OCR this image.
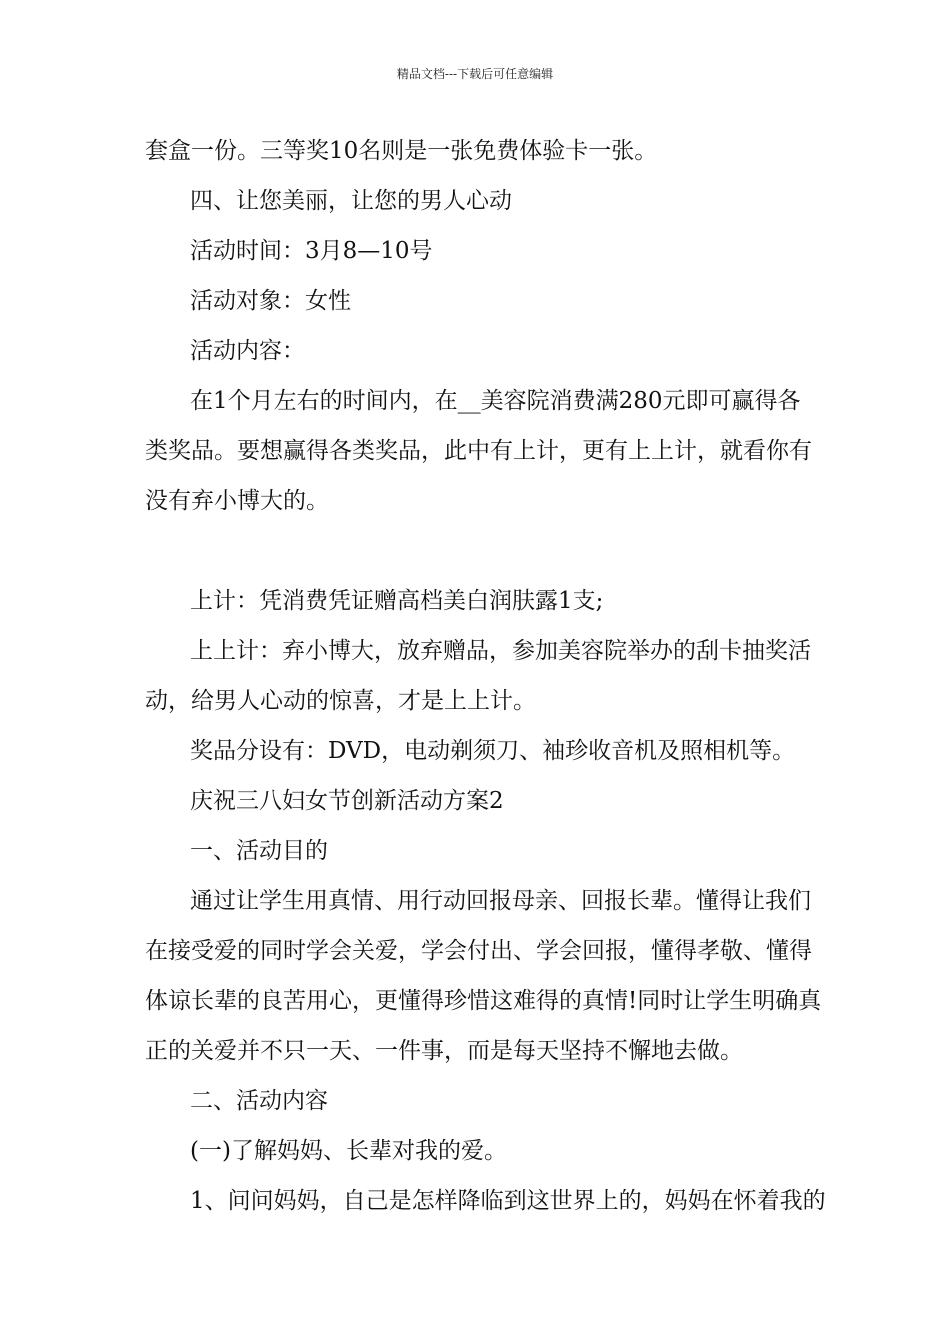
精品文档---下载后可任意编辑
套盒一份。三等奖10名则是一张免费体验卡一张。
四、让您美丽，让您的男人心动
活动时间：3月8—10号
活动对象：女性
活动内容：
在1个月左右的时间内，在__美容院消费满280元即可赢得各
类奖品。要想赢得各类奖品，此中有上计，更有上上计，就看你有
没有弃小博大的。
上计：凭消费凭证赠高档美白润肤露1支;
上上计：弃小博大，放弃赠品，参加美容院举办的刮卡抽奖活
动，给男人心动的惊喜，才是上上计。
奖品分设有：DVD，电动剃须刀、袖珍收音机及照相机等。
庆祝三八妇女节创新活动方案2
一、活动目的
通过让学生用真情、用行动回报母亲、回报长辈。懂得让我们
在接受爱的同时学会关爱，学会付出、学会回报，懂得孝敬、懂得
体谅长辈的良苦用心，更懂得珍惜这难得的真情!同时让学生明确真
正的关爱并不只一天、一件事，而是每天坚持不懈地去做。
二、活动内容
(一)了解妈妈、长辈对我的爱。
1、问问妈妈，自己是怎样降临到这世界上的，妈妈在怀着我的
